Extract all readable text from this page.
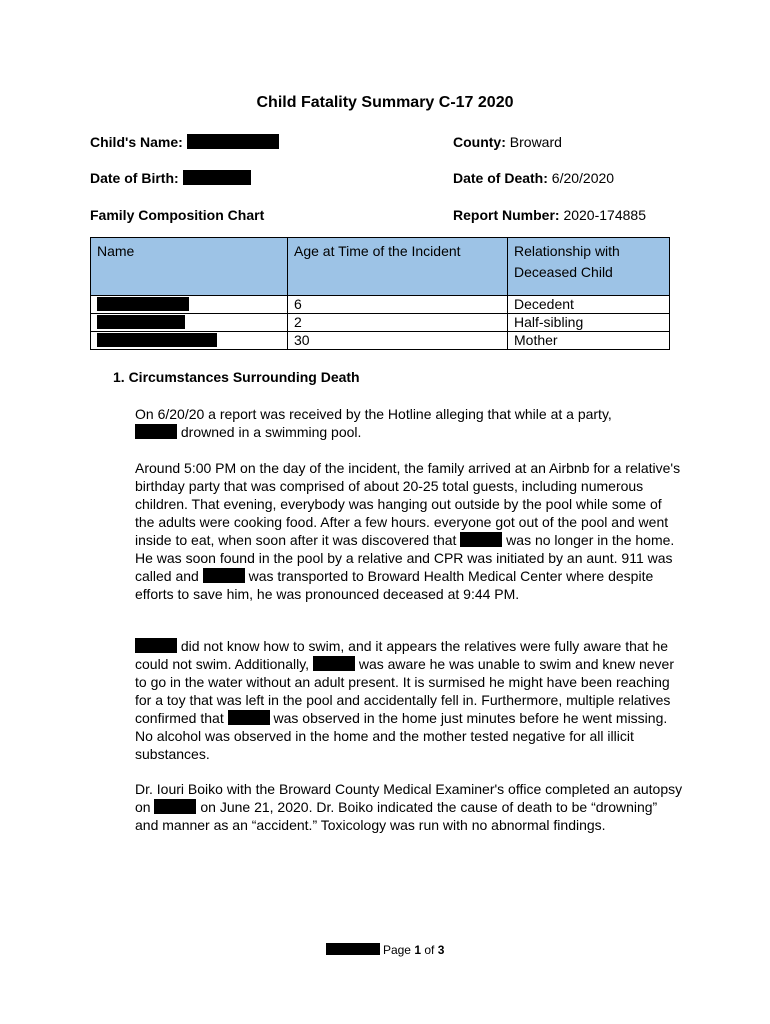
Child Fatality Summary C-17 2020
Child's Name:	County: Broward
Date of Birth:	Date of Death: 6/20/2020
Family Composition Chart	Report Number: 2020-174885
Name	Age at Time of the Incident	Relationship with Deceased Child
	6	Decedent
	2	Half-sibling
	30	Mother
1. Circumstances Surrounding Death
On 6/20/20 a report was received by the Hotline alleging that while at a party,
drowned in a swimming pool.
Around 5:00 PM on the day of the incident, the family arrived at an Airbnb for a relative's birthday party that was comprised of about 20-25 total guests, including numerous children. That evening, everybody was hanging out outside by the pool while some of the adults were cooking food. After a few hours. everyone got out of the pool and went inside to eat, when soon after it was discovered that	was no longer in the home. He was soon found in the pool by a relative and CPR was initiated by an aunt. 911 was called and	was transported to Broward Health Medical Center where despite efforts to save him, he was pronounced deceased at 9:44 PM.
did not know how to swim, and it appears the relatives were fully aware that he could not swim. Additionally,	was aware he was unable to swim and knew never to go in the water without an adult present. It is surmised he might have been reaching for a toy that was left in the pool and accidentally fell in. Furthermore, multiple relatives confirmed that	was observed in the home just minutes before he went missing. No alcohol was observed in the home and the mother tested negative for all illicit substances.
Dr. Iouri Boiko with the Broward County Medical Examiner's office completed an autopsy on	on June 21, 2020. Dr. Boiko indicated the cause of death to be “drowning” and manner as an “accident.” Toxicology was run with no abnormal findings.
Page 1 of 3
